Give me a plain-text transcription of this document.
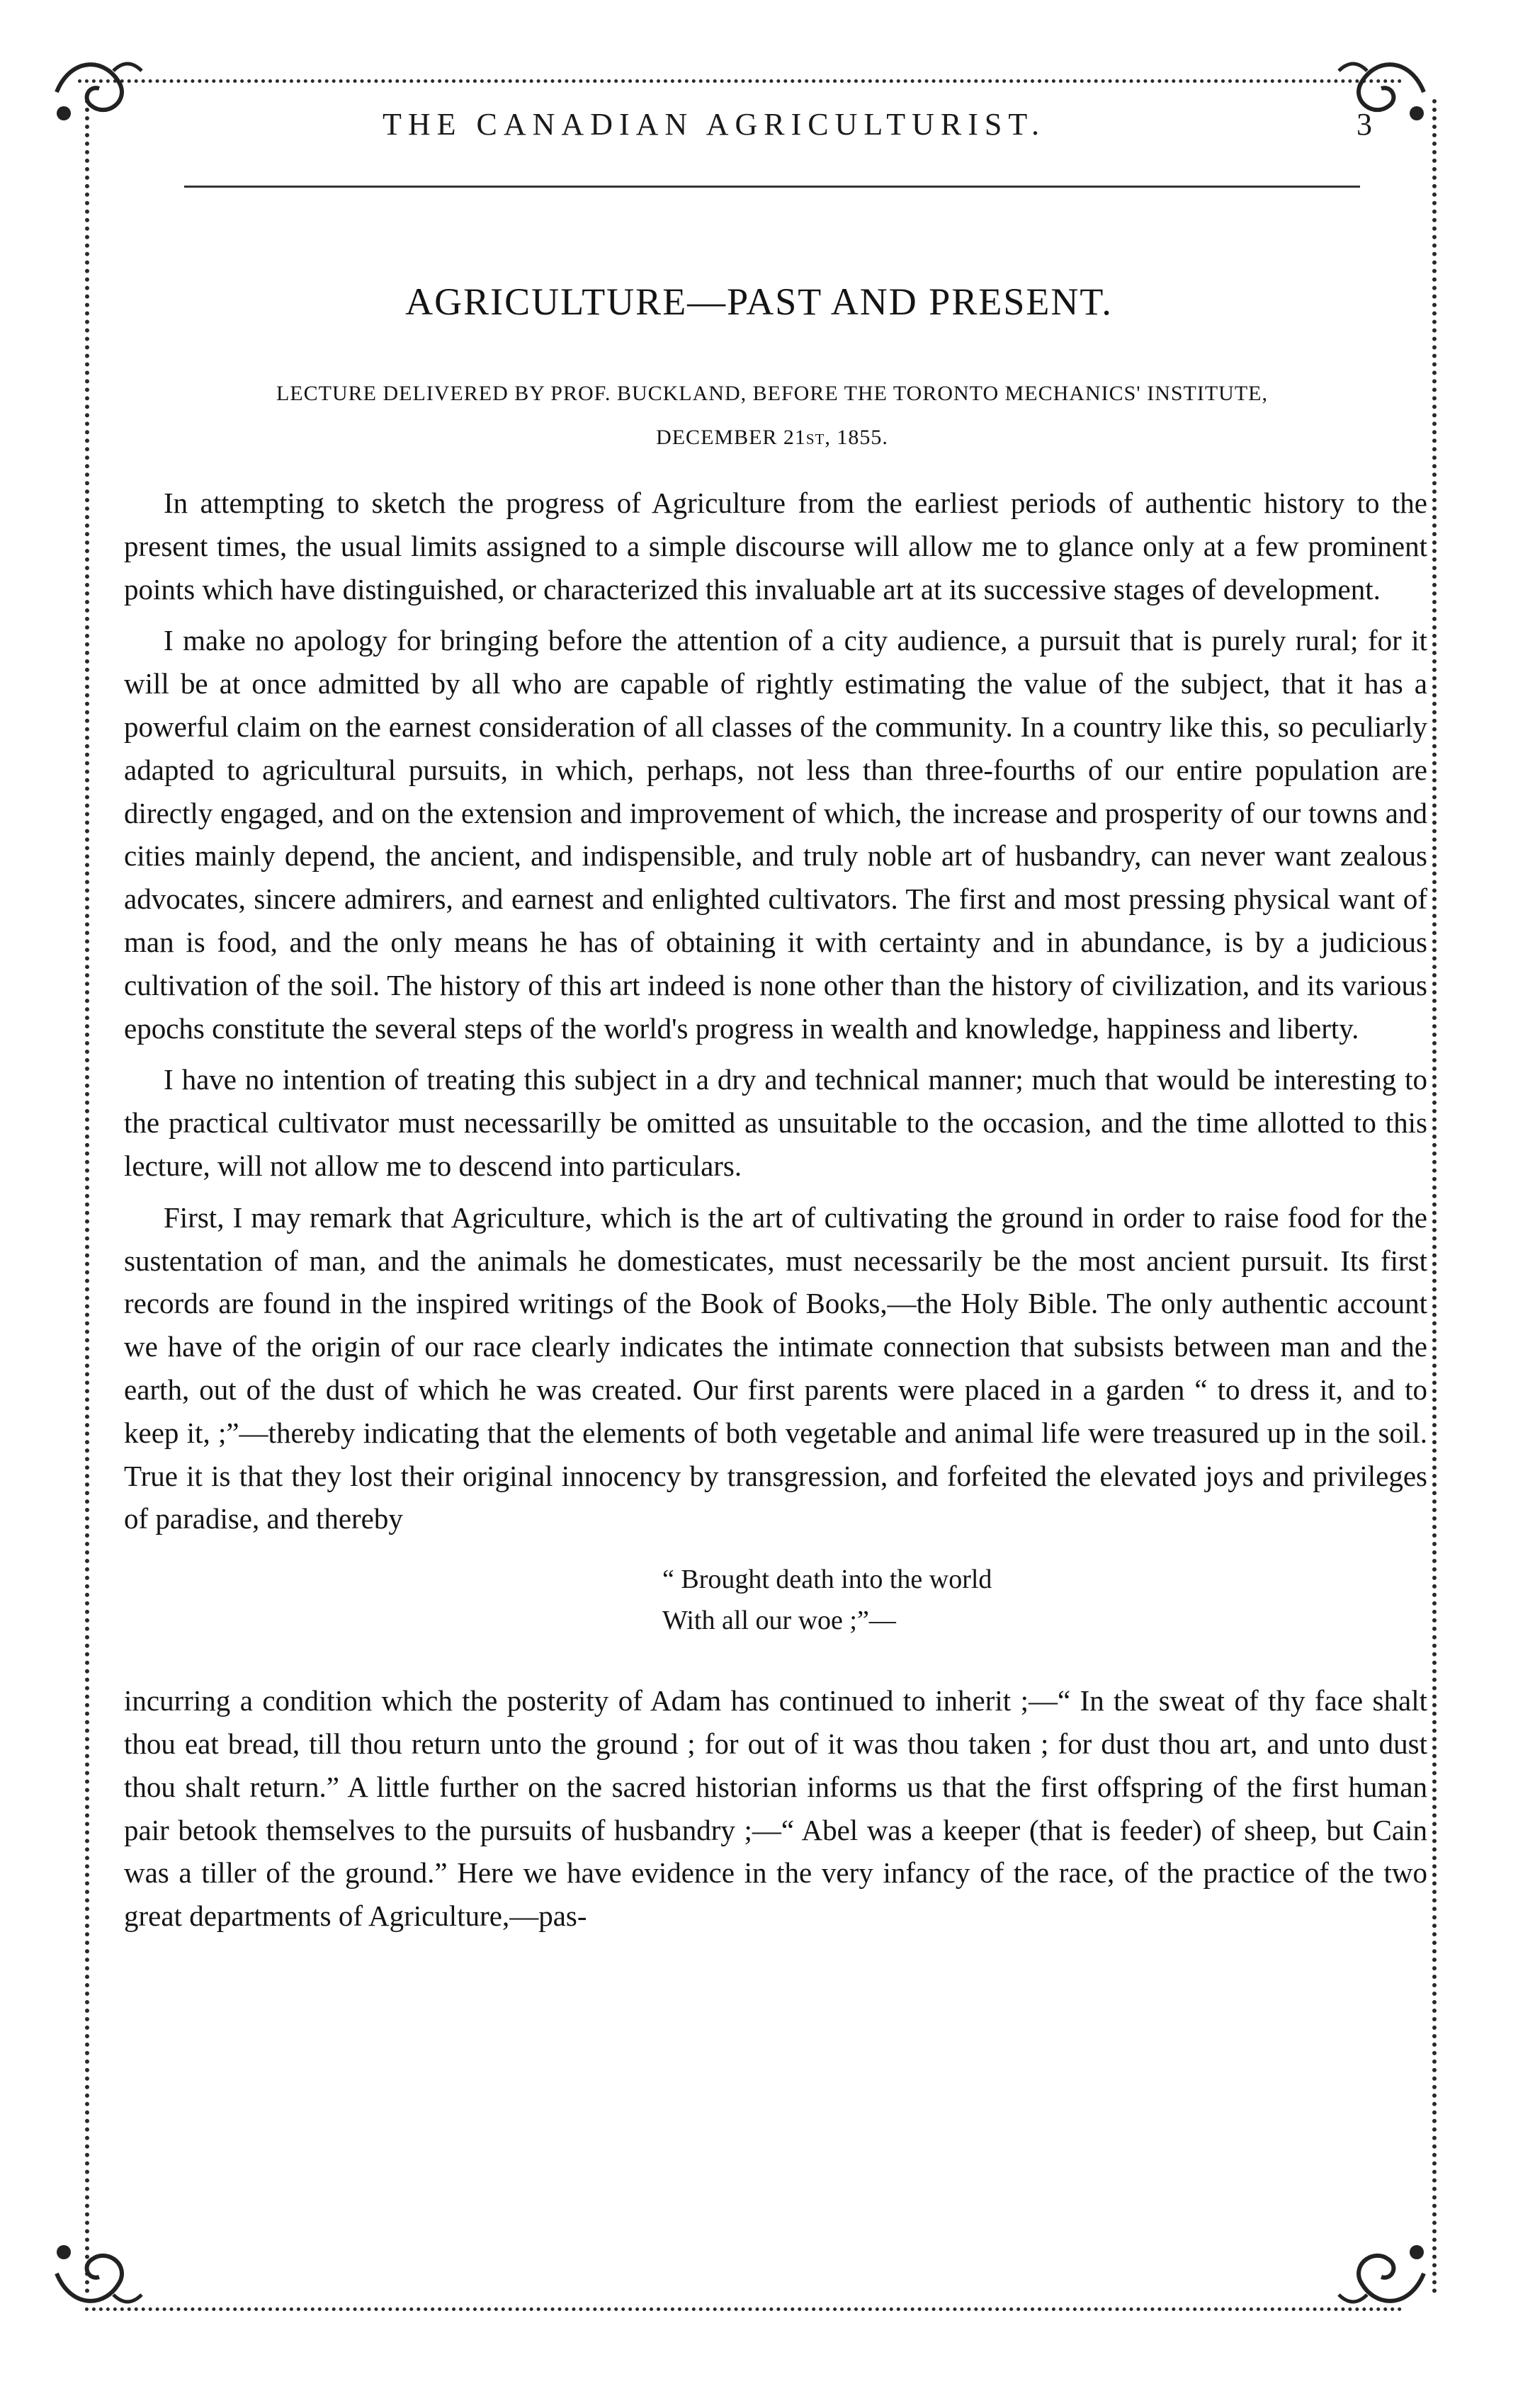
THE CANADIAN AGRICULTURIST.	3
AGRICULTURE—PAST AND PRESENT.
LECTURE DELIVERED BY PROF. BUCKLAND, BEFORE THE TORONTO MECHANICS' INSTITUTE,
DECEMBER 21st, 1855.

In attempting to sketch the progress of Agriculture from the earliest periods of authentic history to the present times, the usual limits assigned to a simple discourse will allow me to glance only at a few prominent points which have distinguished, or characterized this invaluable art at its successive stages of development.

I make no apology for bringing before the attention of a city audience, a pursuit that is purely rural; for it will be at once admitted by all who are capable of rightly estimating the value of the subject, that it has a powerful claim on the earnest consideration of all classes of the community. In a country like this, so peculiarly adapted to agricultural pursuits, in which, perhaps, not less than three-fourths of our entire population are directly engaged, and on the extension and improvement of which, the increase and prosperity of our towns and cities mainly depend, the ancient, and indispensible, and truly noble art of husbandry, can never want zealous advocates, sincere admirers, and earnest and enlighted cultivators. The first and most pressing physical want of man is food, and the only means he has of obtaining it with certainty and in abundance, is by a judicious cultivation of the soil. The history of this art indeed is none other than the history of civilization, and its various epochs constitute the several steps of the world's progress in wealth and knowledge, happiness and liberty.

I have no intention of treating this subject in a dry and technical manner; much that would be interesting to the practical cultivator must necessarilly be omitted as unsuitable to the occasion, and the time allotted to this lecture, will not allow me to descend into particulars.

First, I may remark that Agriculture, which is the art of cultivating the ground in order to raise food for the sustentation of man, and the animals he domesticates, must necessarily be the most ancient pursuit. Its first records are found in the inspired writings of the Book of Books,—the Holy Bible. The only authentic account we have of the origin of our race clearly indicates the intimate connection that subsists between man and the earth, out of the dust of which he was created. Our first parents were placed in a garden “ to dress it, and to keep it, ;”—thereby indicating that the elements of both vegetable and animal life were treasured up in the soil. True it is that they lost their original innocency by transgression, and forfeited the elevated joys and privileges of paradise, and thereby

“ Brought death into the world
With all our woe ;”—

incurring a condition which the posterity of Adam has continued to inherit ;—“ In the sweat of thy face shalt thou eat bread, till thou return unto the ground ; for out of it was thou taken ; for dust thou art, and unto dust thou shalt return.” A little further on the sacred historian informs us that the first offspring of the first human pair betook themselves to the pursuits of husbandry ;—“ Abel was a keeper (that is feeder) of sheep, but Cain was a tiller of the ground.” Here we have evidence in the very infancy of the race, of the practice of the two great departments of Agriculture,—pas-
